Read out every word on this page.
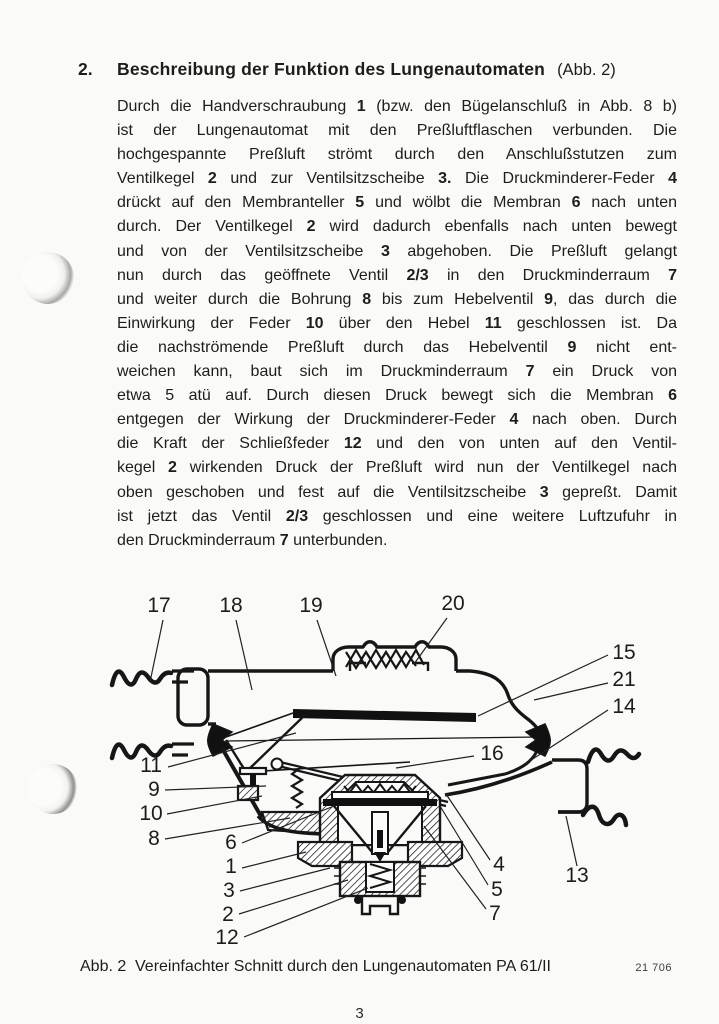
2. Beschreibung der Funktion des Lungenautomaten (Abb. 2)
Durch die Handverschraubung 1 (bzw. den Bügelanschluß in Abb. 8 b)
ist der Lungenautomat mit den Preßluftflaschen verbunden. Die
hochgespannte Preßluft strömt durch den Anschlußstutzen zum
Ventilkegel 2 und zur Ventilsitzscheibe 3. Die Druckminderer-Feder 4
drückt auf den Membranteller 5 und wölbt die Membran 6 nach unten
durch. Der Ventilkegel 2 wird dadurch ebenfalls nach unten bewegt
und von der Ventilsitzscheibe 3 abgehoben. Die Preßluft gelangt
nun durch das geöffnete Ventil 2/3 in den Druckminderraum 7
und weiter durch die Bohrung 8 bis zum Hebelventil 9, das durch die
Einwirkung der Feder 10 über den Hebel 11 geschlossen ist. Da
die nachströmende Preßluft durch das Hebelventil 9 nicht ent-
weichen kann, baut sich im Druckminderraum 7 ein Druck von
etwa 5 atü auf. Durch diesen Druck bewegt sich die Membran 6
entgegen der Wirkung der Druckminderer-Feder 4 nach oben. Durch
die Kraft der Schließfeder 12 und den von unten auf den Ventil-
kegel 2 wirkenden Druck der Preßluft wird nun der Ventilkegel nach
oben geschoben und fest auf die Ventilsitzscheibe 3 gepreßt. Damit
ist jetzt das Ventil 2/3 geschlossen und eine weitere Luftzufuhr in
den Druckminderraum 7 unterbunden.
17 18	19	20
15
21
14
16
11
9
10
8	6
1
3
2
12
4
5
7
13
Abb. 2 Vereinfachter Schnitt durch den Lungenautomaten PA 61/II	21 706
3
